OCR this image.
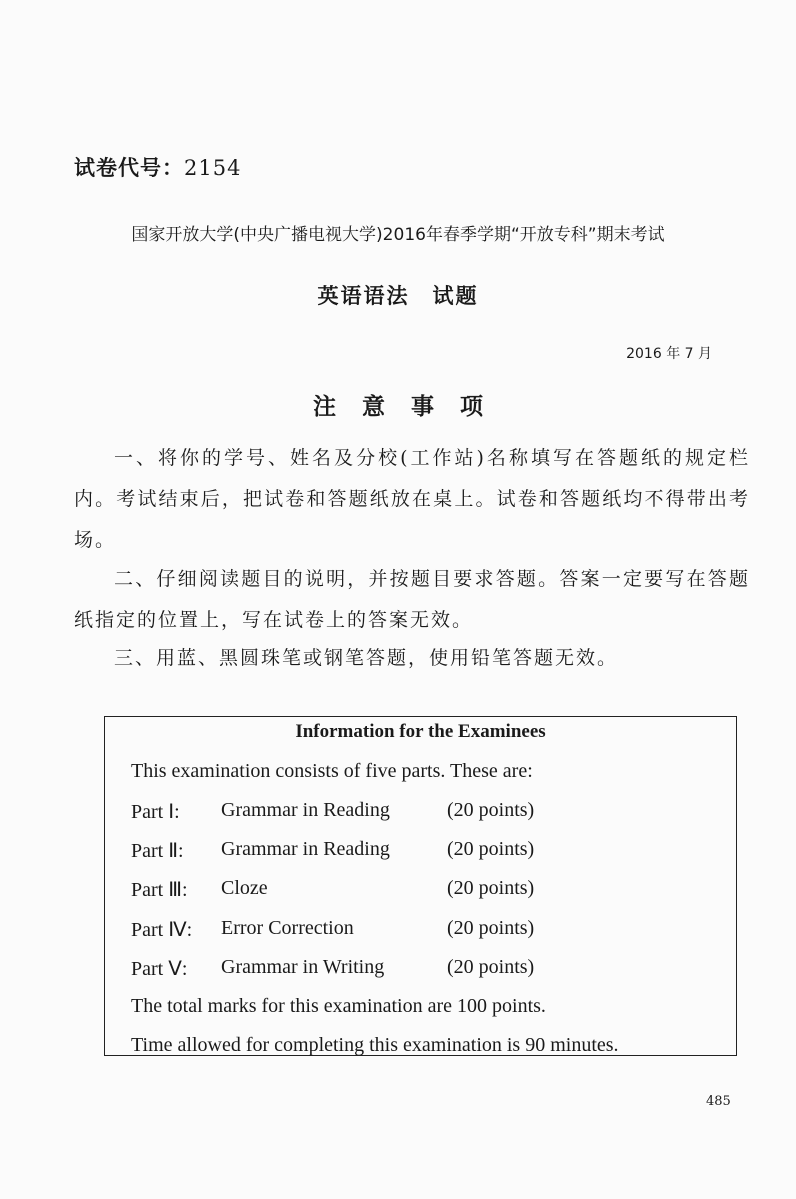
试卷代号：2154
国家开放大学(中央广播电视大学)2016年春季学期“开放专科”期末考试
英语语法　试题
2016 年 7 月
注意事项
一、将你的学号、姓名及分校(工作站)名称填写在答题纸的规定栏内。考试结束后，把试卷和答题纸放在桌上。试卷和答题纸均不得带出考场。
二、仔细阅读题目的说明，并按题目要求答题。答案一定要写在答题纸指定的位置上，写在试卷上的答案无效。
三、用蓝、黑圆珠笔或钢笔答题，使用铅笔答题无效。
Information for the Examinees
This examination consists of five parts. These are:
Part Ⅰ: Grammar in Reading	(20 points)
Part Ⅱ: Grammar in Reading	(20 points)
Part Ⅲ: Cloze	(20 points)
Part Ⅳ: Error Correction	(20 points)
Part Ⅴ: Grammar in Writing	(20 points)
The total marks for this examination are 100 points.
Time allowed for completing this examination is 90 minutes.
485
